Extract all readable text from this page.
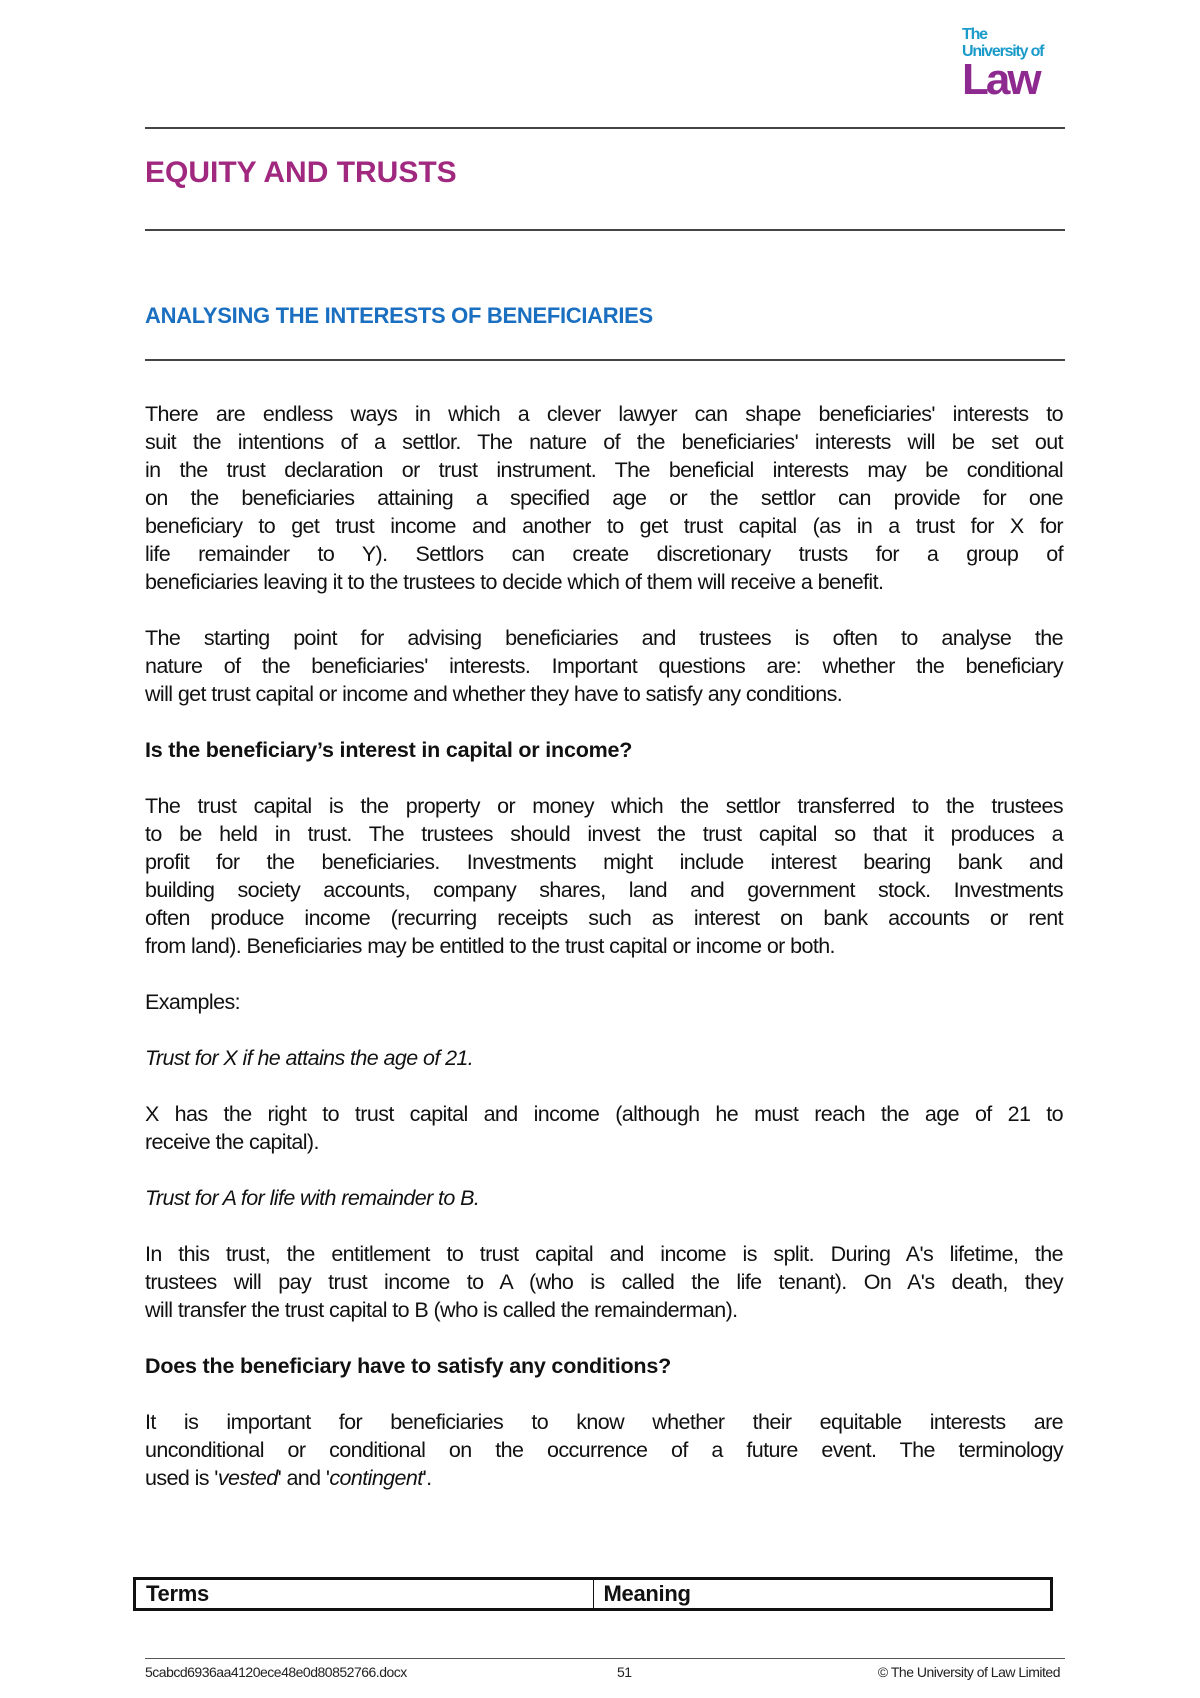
The
University of
Law
EQUITY AND TRUSTS
ANALYSING THE INTERESTS OF BENEFICIARIES
There are endless ways in which a clever lawyer can shape beneficiaries' interests to
suit the intentions of a settlor. The nature of the beneficiaries' interests will be set out
in the trust declaration or trust instrument. The beneficial interests may be conditional
on the beneficiaries attaining a specified age or the settlor can provide for one
beneficiary to get trust income and another to get trust capital (as in a trust for X for
life remainder to Y). Settlors can create discretionary trusts for a group of
beneficiaries leaving it to the trustees to decide which of them will receive a benefit.
The starting point for advising beneficiaries and trustees is often to analyse the
nature of the beneficiaries' interests. Important questions are: whether the beneficiary
will get trust capital or income and whether they have to satisfy any conditions.
Is the beneficiary’s interest in capital or income?
The trust capital is the property or money which the settlor transferred to the trustees
to be held in trust. The trustees should invest the trust capital so that it produces a
profit for the beneficiaries. Investments might include interest bearing bank and
building society accounts, company shares, land and government stock. Investments
often produce income (recurring receipts such as interest on bank accounts or rent
from land). Beneficiaries may be entitled to the trust capital or income or both.
Examples:
Trust for X if he attains the age of 21.
X has the right to trust capital and income (although he must reach the age of 21 to
receive the capital).
Trust for A for life with remainder to B.
In this trust, the entitlement to trust capital and income is split. During A's lifetime, the
trustees will pay trust income to A (who is called the life tenant). On A's death, they
will transfer the trust capital to B (who is called the remainderman).
Does the beneficiary have to satisfy any conditions?
It is important for beneficiaries to know whether their equitable interests are
unconditional or conditional on the occurrence of a future event. The terminology
used is 'vested' and 'contingent'.
Terms	Meaning
5cabcd6936aa4120ece48e0d80852766.docx	51	© The University of Law Limited
